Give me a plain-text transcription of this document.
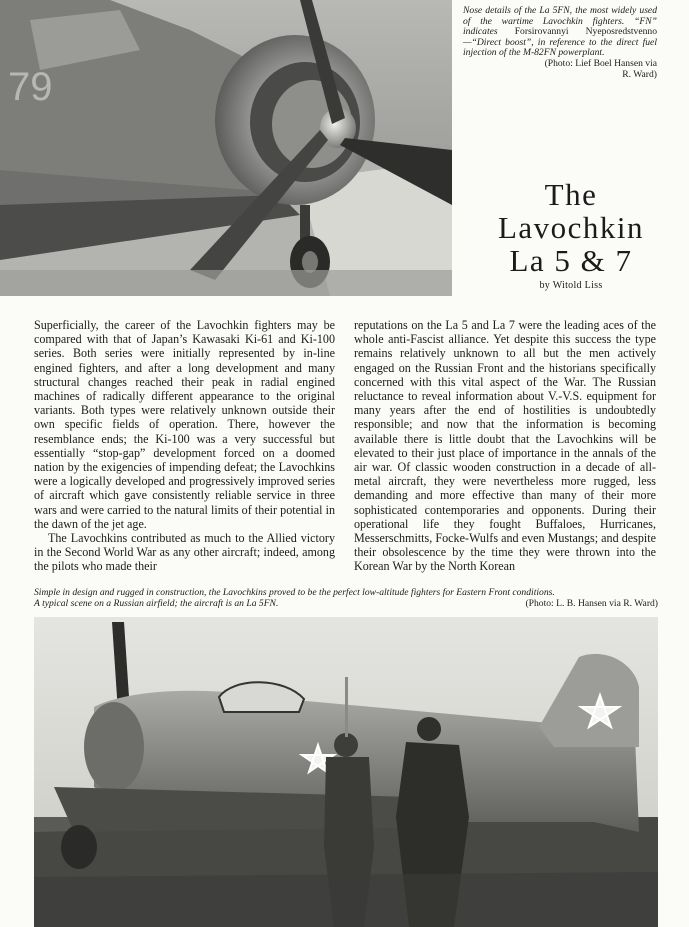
79
Nose details of the La 5FN, the most widely used of the wartime Lavochkin fighters. “FN” indicates Forsirovannyi Nyeposredstvenno—“Direct boost”, in reference to the direct fuel injection of the M-82FN powerplant.
(Photo: Lief Boel Hansen via
R. Ward)
The
Lavochkin
La 5 & 7
by Witold Liss

Superficially, the career of the Lavochkin fighters may be compared with that of Japan’s Kawasaki Ki-61 and Ki-100 series. Both series were initially represented by in-line engined fighters, and after a long development and many structural changes reached their peak in radial engined machines of radically different appearance to the original variants. Both types were relatively unknown outside their own specific fields of operation. There, however the resemblance ends; the Ki-100 was a very successful but essentially “stop-gap” development forced on a doomed nation by the exigencies of impending defeat; the Lavochkins were a logically developed and progressively improved series of aircraft which gave consistently reliable service in three wars and were carried to the natural limits of their potential in the dawn of the jet age.

The Lavochkins contributed as much to the Allied victory in the Second World War as any other aircraft; indeed, among the pilots who made their

reputations on the La 5 and La 7 were the leading aces of the whole anti-Fascist alliance. Yet despite this success the type remains relatively unknown to all but the men actively engaged on the Russian Front and the historians specifically concerned with this vital aspect of the War. The Russian reluctance to reveal information about V.-V.S. equipment for many years after the end of hostilities is undoubtedly responsible; and now that the information is becoming available there is little doubt that the Lavochkins will be elevated to their just place of importance in the annals of the air war. Of classic wooden construction in a decade of all-metal aircraft, they were nevertheless more rugged, less demanding and more effective than many of their more sophisticated contemporaries and opponents. During their operational life they fought Buffaloes, Hurricanes, Messerschmitts, Focke-Wulfs and even Mustangs; and despite their obsolescence by the time they were thrown into the Korean War by the North Korean

Simple in design and rugged in construction, the Lavochkins proved to be the perfect low-altitude fighters for Eastern Front conditions.
A typical scene on a Russian airfield; the aircraft is an La 5FN.	(Photo: L. B. Hansen via R. Ward)
